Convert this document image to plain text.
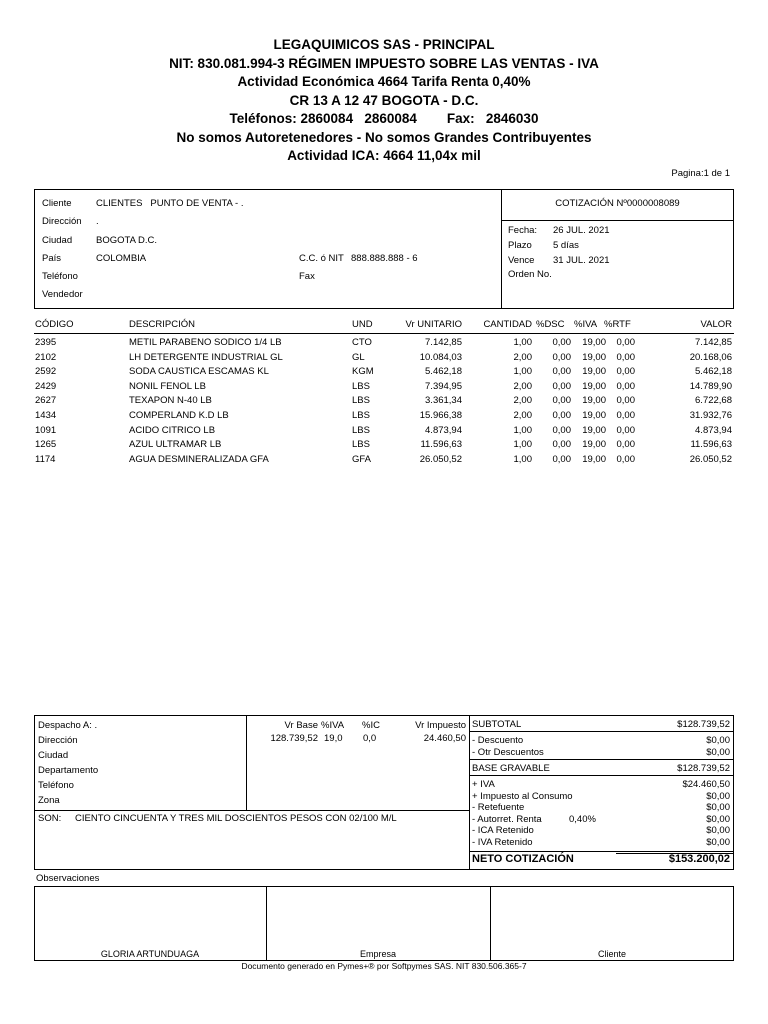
LEGAQUIMICOS SAS - PRINCIPAL
NIT: 830.081.994-3 RÉGIMEN IMPUESTO SOBRE LAS VENTAS - IVA
Actividad Económica 4664 Tarifa Renta 0,40%
CR 13 A 12 47 BOGOTA - D.C.
Teléfonos: 2860084   2860084        Fax:   2846030
No somos Autoretenedores - No somos Grandes Contribuyentes
Actividad ICA: 4664 11,04x mil
Pagina:1 de 1
Cliente	CLIENTES   PUNTO DE VENTA - .
Dirección .
Ciudad	BOGOTA D.C.
País	COLOMBIA	C.C. ó NIT 888.888.888 - 6
Teléfono	Fax
Vendedor
COTIZACIÓN Nº0000008089
Fecha: 26 JUL. 2021
Plazo 5 días
Vence 31 JUL. 2021
Orden No.
CÓDIGO	DESCRIPCIÓN	UND	Vr UNITARIO	CANTIDAD %DSC %IVA %RTF	VALOR
2395	METIL PARABENO SODICO 1/4 LB	CTO	7.142,85	1,00	0,00	19,00	0,00	7.142,85
2102	LH DETERGENTE INDUSTRIAL GL	GL	10.084,03	2,00	0,00	19,00	0,00	20.168,06
2592	SODA CAUSTICA ESCAMAS KL	KGM	5.462,18	1,00	0,00	19,00	0,00	5.462,18
2429	NONIL FENOL LB	LBS	7.394,95	2,00	0,00	19,00	0,00	14.789,90
2627	TEXAPON N-40 LB	LBS	3.361,34	2,00	0,00	19,00	0,00	6.722,68
1434	COMPERLAND K.D LB	LBS	15.966,38	2,00	0,00	19,00	0,00	31.932,76
1091	ACIDO CITRICO LB	LBS	4.873,94	1,00	0,00	19,00	0,00	4.873,94
1265	AZUL ULTRAMAR LB	LBS	11.596,63	1,00	0,00	19,00	0,00	11.596,63
1174	AGUA DESMINERALIZADA GFA	GFA	26.050,52	1,00	0,00	19,00	0,00	26.050,52
Despacho A: .
Dirección
Ciudad
Departamento
Teléfono
Zona
Vr Base %IVA %IC	Vr Impuesto
128.739,52 19,0 0,0	24.460,50
SON: CIENTO CINCUENTA Y TRES MIL DOSCIENTOS PESOS CON 02/100 M/L
SUBTOTAL	$128.739,52
- Descuento	$0,00
- Otr Descuentos	$0,00
BASE GRAVABLE	$128.739,52
+ IVA	$24.460,50
+ Impuesto al Consumo	$0,00
- Retefuente	$0,00
- Autorret. Renta	0,40%	$0,00
- ICA Retenido	$0,00
- IVA Retenido	$0,00
NETO COTIZACIÓN	$153.200,02
Observaciones
GLORIA ARTUNDUAGA	Empresa	Cliente
Documento generado en Pymes+® por Softpymes SAS. NIT 830.506.365-7
